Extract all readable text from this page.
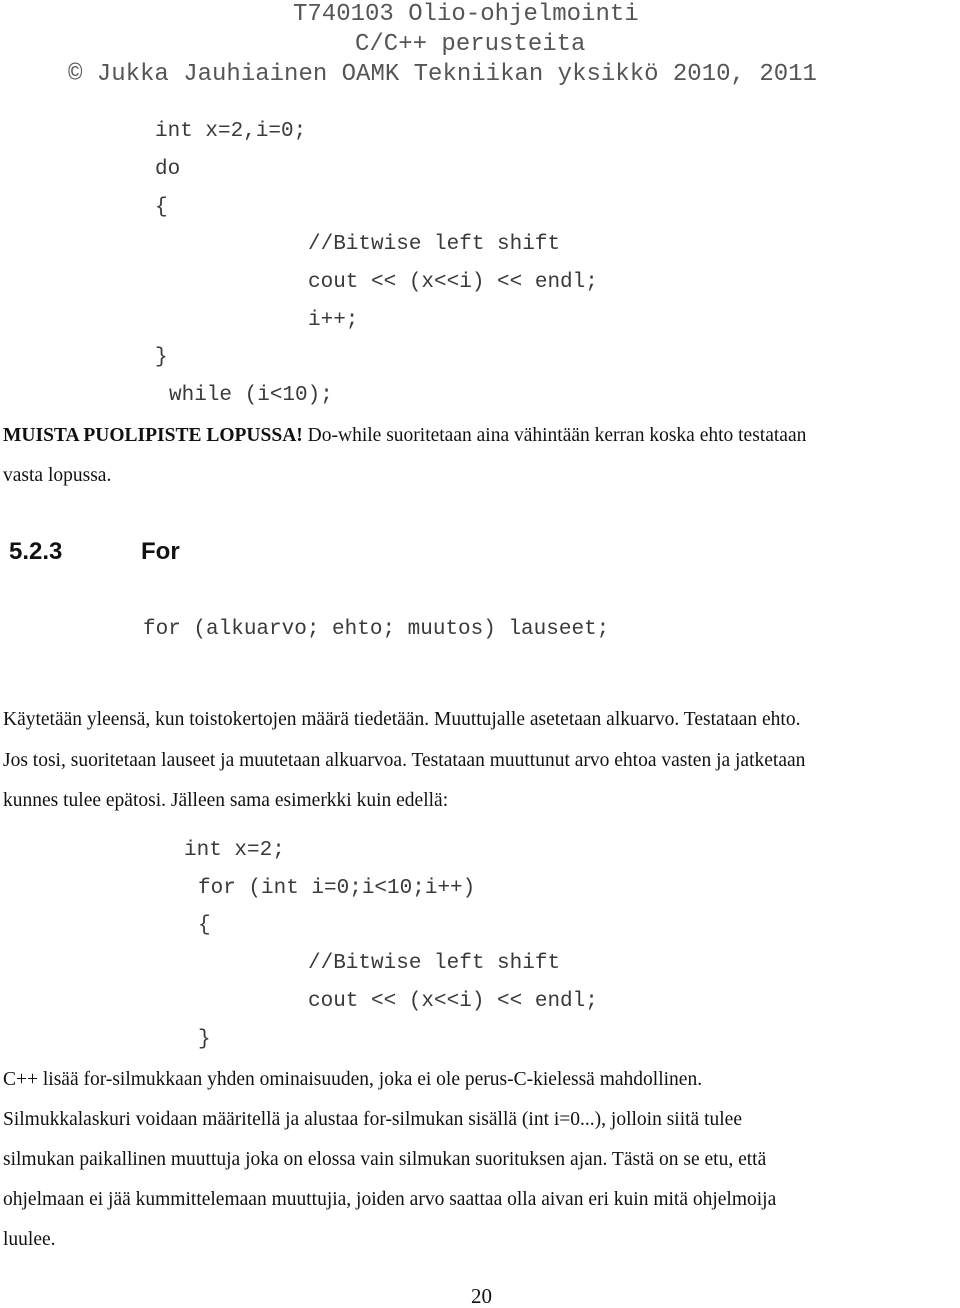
T740103 Olio-ohjelmointi
C/C++ perusteita
© Jukka Jauhiainen OAMK Tekniikan yksikkö 2010, 2011
int x=2,i=0;
do
{
//Bitwise left shift
cout << (x<<i) << endl;
i++;
}
while (i<10);
MUISTA PUOLIPISTE LOPUSSA! Do-while suoritetaan aina vähintään kerran koska ehto testataan
vasta lopussa.
5.2.3	For
for (alkuarvo; ehto; muutos) lauseet;
Käytetään yleensä, kun toistokertojen määrä tiedetään. Muuttujalle asetetaan alkuarvo. Testataan ehto.
Jos tosi, suoritetaan lauseet ja muutetaan alkuarvoa. Testataan muuttunut arvo ehtoa vasten ja jatketaan
kunnes tulee epätosi. Jälleen sama esimerkki kuin edellä:
int x=2;
for (int i=0;i<10;i++)
{
//Bitwise left shift
cout << (x<<i) << endl;
}
C++ lisää for-silmukkaan yhden ominaisuuden, joka ei ole perus-C-kielessä mahdollinen.
Silmukkalaskuri voidaan määritellä ja alustaa for-silmukan sisällä (int i=0...), jolloin siitä tulee
silmukan paikallinen muuttuja joka on elossa vain silmukan suorituksen ajan. Tästä on se etu, että
ohjelmaan ei jää kummittelemaan muuttujia, joiden arvo saattaa olla aivan eri kuin mitä ohjelmoija
luulee.
20
